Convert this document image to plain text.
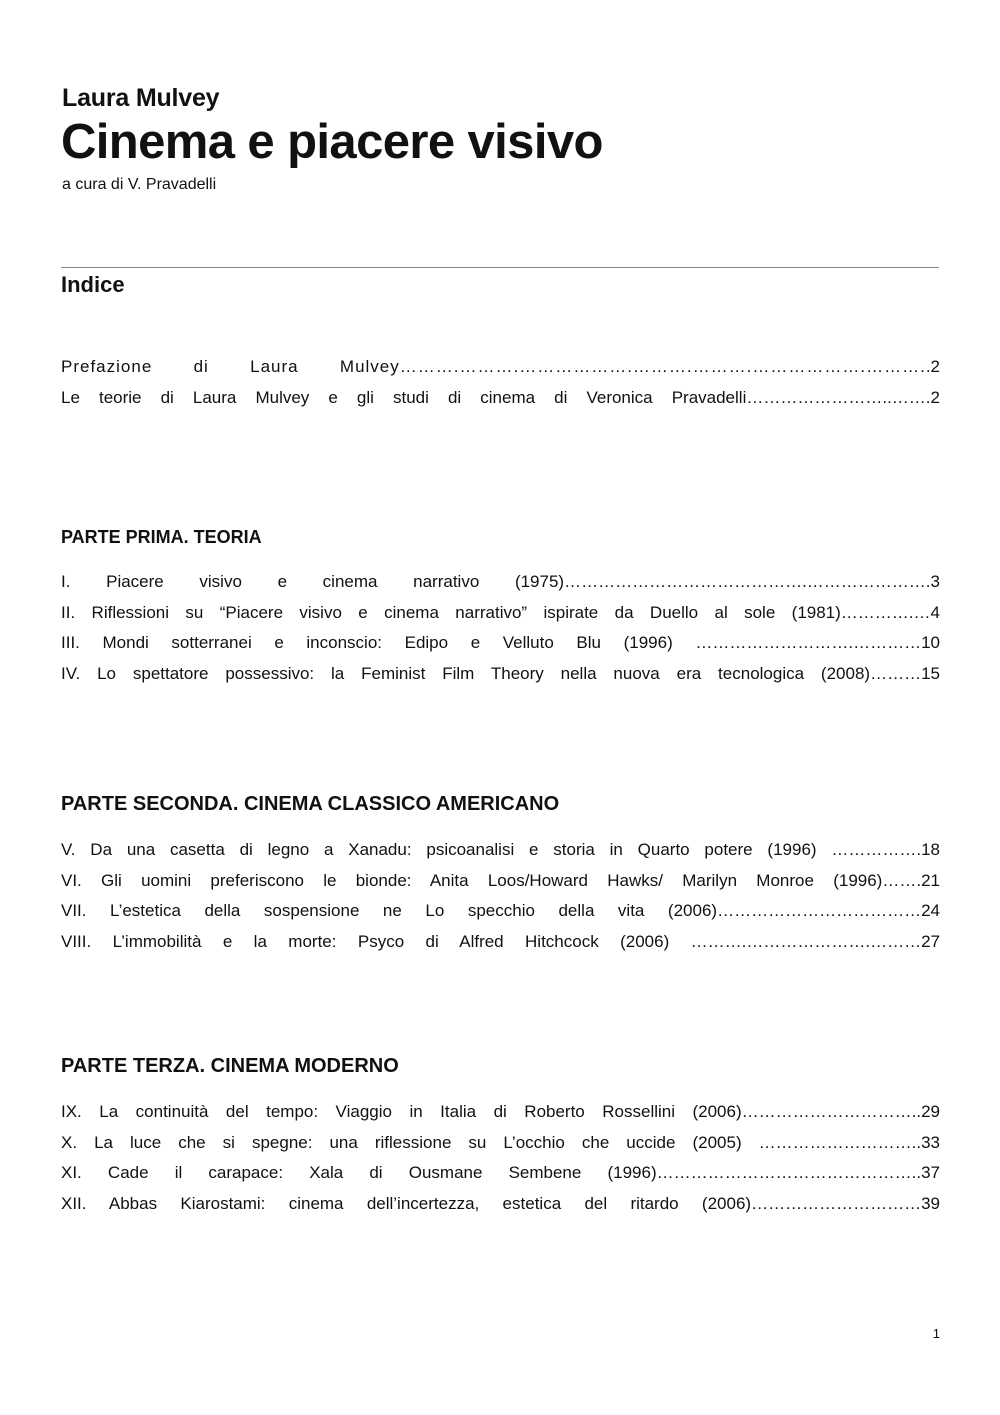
Laura Mulvey
Cinema e piacere visivo

a cura di V. Pravadelli

Indice
Prefazione di Laura Mulvey……….……….……………….……….……….……………….………. .2
Le teorie di Laura Mulvey e gli studi di cinema di Veronica Pravadelli……………………..……. 2
PARTE PRIMA. TEORIA
I. Piacere visivo e cinema narrativo (1975)…………………………………….…………………. 3
II. Riflessioni su “Piacere visivo e cinema narrativo” ispirate da Duello al sole (1981)………….… 4
III. Mondi sotterranei e inconscio: Edipo e Velluto Blu (1996) ……………………….………… 10
IV. Lo spettatore possessivo: la Feminist Film Theory nella nuova era tecnologica (2008)……… 15
PARTE SECONDA. CINEMA CLASSICO AMERICANO
V. Da una casetta di legno a Xanadu: psicoanalisi e storia in Quarto potere (1996) ……………. 18
VI. Gli uomini preferiscono le bionde: Anita Loos/Howard Hawks/ Marilyn Monroe (1996)……. 21
VII. L’estetica della sospensione ne Lo specchio della vita (2006)……………………………… 24
VIII. L’immobilità e la morte: Psyco di Alfred Hitchcock (2006) ……….………………….……… 27
PARTE TERZA. CINEMA MODERNO
IX. La continuità del tempo: Viaggio in Italia di Roberto Rossellini (2006)………………………….. 29
X. La luce che si spegne: una riflessione su L’occhio che uccide (2005) ……………………….. 33
XI. Cade il carapace: Xala di Ousmane Sembene (1996)……………………………………….. 37
XII. Abbas Kiarostami: cinema dell’incertezza, estetica del ritardo (2006)………………………… 39

1
